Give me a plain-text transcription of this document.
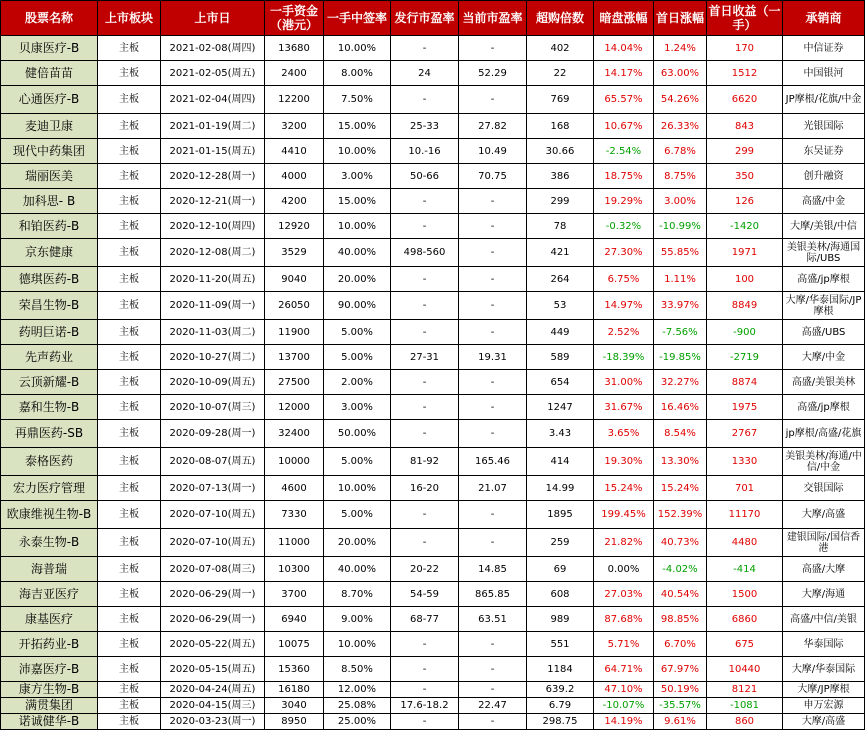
股票名称	上市板块	上市日	一手资金（港元）	一手中签率	发行市盈率	当前市盈率	超购倍数	暗盘涨幅	首日涨幅	首日收益（一手）	承销商
贝康医疗-B	主板	2021-02-08(周四)	13680	10.00%	-	-	402	14.04%	1.24%	170	中信证券
健倍苗苗	主板	2021-02-05(周五)	2400	8.00%	24	52.29	22	14.17%	63.00%	1512	中国银河
心通医疗-B	主板	2021-02-04(周四)	12200	7.50%	-	-	769	65.57%	54.26%	6620	JP摩根/花旗/中金
麦迪卫康	主板	2021-01-19(周二)	3200	15.00%	25-33	27.82	168	10.67%	26.33%	843	光银国际
现代中药集团	主板	2021-01-15(周五)	4410	10.00%	10.-16	10.49	30.66	-2.54%	6.78%	299	东吴证券
瑞丽医美	主板	2020-12-28(周一)	4000	3.00%	50-66	70.75	386	18.75%	8.75%	350	创升融资
加科思- B	主板	2020-12-21(周一)	4200	15.00%	-	-	299	19.29%	3.00%	126	高盛/中金
和铂医药-B	主板	2020-12-10(周四)	12920	10.00%	-	-	78	-0.32%	-10.99%	-1420	大摩/美银/中信
京东健康	主板	2020-12-08(周二)	3529	40.00%	498-560	-	421	27.30%	55.85%	1971	美银美林/海通国际/UBS
德琪医药-B	主板	2020-11-20(周五)	9040	20.00%	-	-	264	6.75%	1.11%	100	高盛/jp摩根
荣昌生物-B	主板	2020-11-09(周一)	26050	90.00%	-	-	53	14.97%	33.97%	8849	大摩/华泰国际/JP摩根
药明巨诺-B	主板	2020-11-03(周二)	11900	5.00%	-	-	449	2.52%	-7.56%	-900	高盛/UBS
先声药业	主板	2020-10-27(周二)	13700	5.00%	27-31	19.31	589	-18.39%	-19.85%	-2719	大摩/中金
云顶新耀-B	主板	2020-10-09(周五)	27500	2.00%	-	-	654	31.00%	32.27%	8874	高盛/美银美林
嘉和生物-B	主板	2020-10-07(周三)	12000	3.00%	-	-	1247	31.67%	16.46%	1975	高盛/jp摩根
再鼎医药-SB	主板	2020-09-28(周一)	32400	50.00%	-	-	3.43	3.65%	8.54%	2767	jp摩根/高盛/花旗
泰格医药	主板	2020-08-07(周五)	10000	5.00%	81-92	165.46	414	19.30%	13.30%	1330	美银美林/海通/中信/中金
宏力医疗管理	主板	2020-07-13(周一)	4600	10.00%	16-20	21.07	14.99	15.24%	15.24%	701	交银国际
欧康维视生物-B	主板	2020-07-10(周五)	7330	5.00%	-	-	1895	199.45%	152.39%	11170	大摩/高盛
永泰生物-B	主板	2020-07-10(周五)	11000	20.00%	-	-	259	21.82%	40.73%	4480	建银国际/国信香港
海普瑞	主板	2020-07-08(周三)	10300	40.00%	20-22	14.85	69	0.00%	-4.02%	-414	高盛/大摩
海吉亚医疗	主板	2020-06-29(周一)	3700	8.70%	54-59	865.85	608	27.03%	40.54%	1500	大摩/海通
康基医疗	主板	2020-06-29(周一)	6940	9.00%	68-77	63.51	989	87.68%	98.85%	6860	高盛/中信/美银
开拓药业-B	主板	2020-05-22(周五)	10075	10.00%	-	-	551	5.71%	6.70%	675	华泰国际
沛嘉医疗-B	主板	2020-05-15(周五)	15360	8.50%	-	-	1184	64.71%	67.97%	10440	大摩/华泰国际
康方生物-B	主板	2020-04-24(周五)	16180	12.00%	-	-	639.2	47.10%	50.19%	8121	大摩/JP摩根
满贯集团	主板	2020-04-15(周三)	3040	25.08%	17.6-18.2	22.47	6.79	-10.07%	-35.57%	-1081	申万宏源
诺诚健华-B	主板	2020-03-23(周一)	8950	25.00%	-	-	298.75	14.19%	9.61%	860	大摩/高盛
